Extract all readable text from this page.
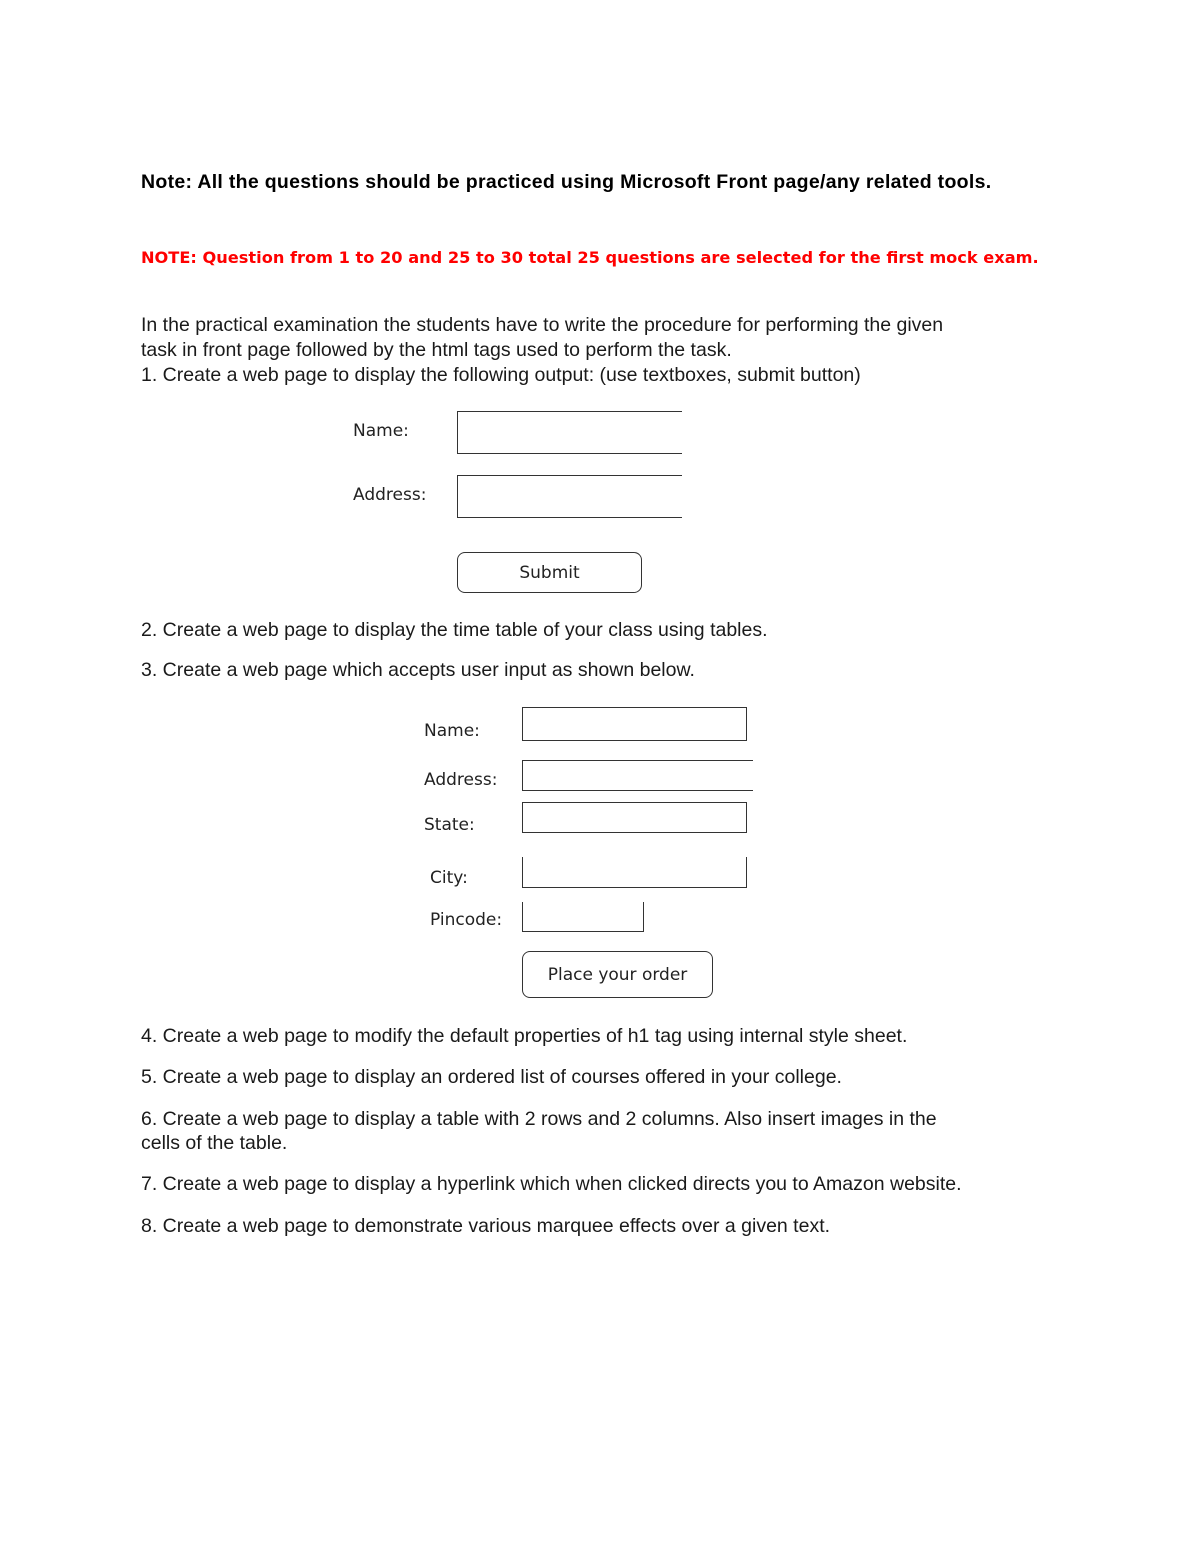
Note: All the questions should be practiced using Microsoft Front page/any related tools.
NOTE: Question from 1 to 20 and 25 to 30 total 25 questions are selected for the first mock exam.
In the practical examination the students have to write the procedure for performing the given
task in front page followed by the html tags used to perform the task.
1. Create a web page to display the following output: (use textboxes, submit button)
Name:
Address:
Submit
2. Create a web page to display the time table of your class using tables.
3. Create a web page which accepts user input as shown below.
Name:
Address:
State:
City:
Pincode:
Place your order
4. Create a web page to modify the default properties of h1 tag using internal style sheet.
5. Create a web page to display an ordered list of courses offered in your college.
6. Create a web page to display a table with 2 rows and 2 columns. Also insert images in the
cells of the table.
7. Create a web page to display a hyperlink which when clicked directs you to Amazon website.
8. Create a web page to demonstrate various marquee effects over a given text.
